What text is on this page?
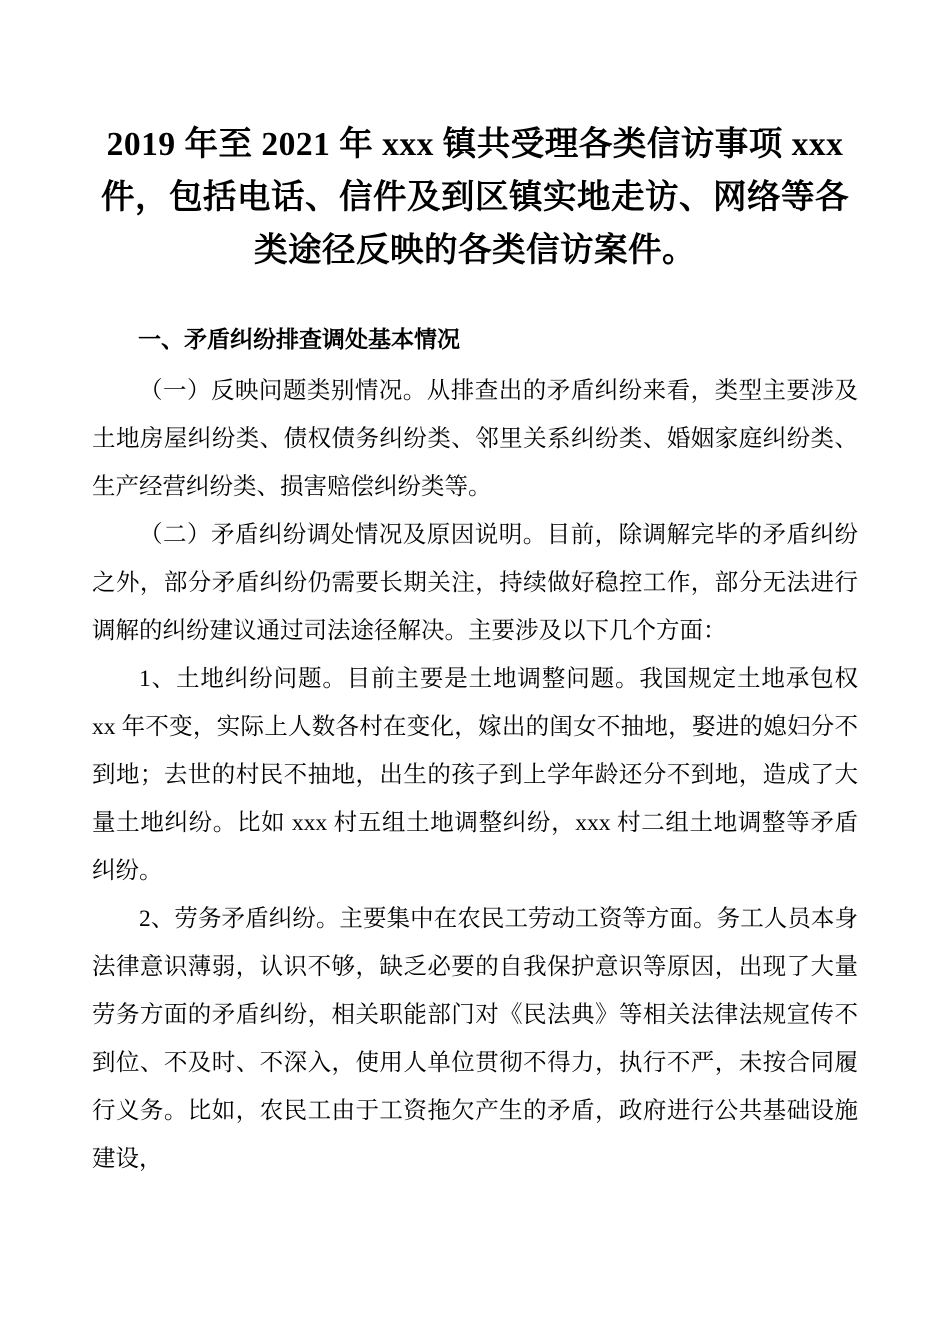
2019 年至 2021 年 xxx 镇共受理各类信访事项 xxx 件，包括电话、信件及到区镇实地走访、网络等各类途径反映的各类信访案件。
一、矛盾纠纷排查调处基本情况

（一）反映问题类别情况。从排查出的矛盾纠纷来看，类型主要涉及土地房屋纠纷类、债权债务纠纷类、邻里关系纠纷类、婚姻家庭纠纷类、生产经营纠纷类、损害赔偿纠纷类等。

（二）矛盾纠纷调处情况及原因说明。目前，除调解完毕的矛盾纠纷之外，部分矛盾纠纷仍需要长期关注，持续做好稳控工作，部分无法进行调解的纠纷建议通过司法途径解决。主要涉及以下几个方面：

1、土地纠纷问题。目前主要是土地调整问题。我国规定土地承包权 xx 年不变，实际上人数各村在变化，嫁出的闺女不抽地，娶进的媳妇分不到地；去世的村民不抽地，出生的孩子到上学年龄还分不到地，造成了大量土地纠纷。比如 xxx 村五组土地调整纠纷，xxx 村二组土地调整等矛盾纠纷。

2、劳务矛盾纠纷。主要集中在农民工劳动工资等方面。务工人员本身法律意识薄弱，认识不够，缺乏必要的自我保护意识等原因，出现了大量劳务方面的矛盾纠纷，相关职能部门对《民法典》等相关法律法规宣传不到位、不及时、不深入，使用人单位贯彻不得力，执行不严，未按合同履行义务。比如，农民工由于工资拖欠产生的矛盾，政府进行公共基础设施建设，
